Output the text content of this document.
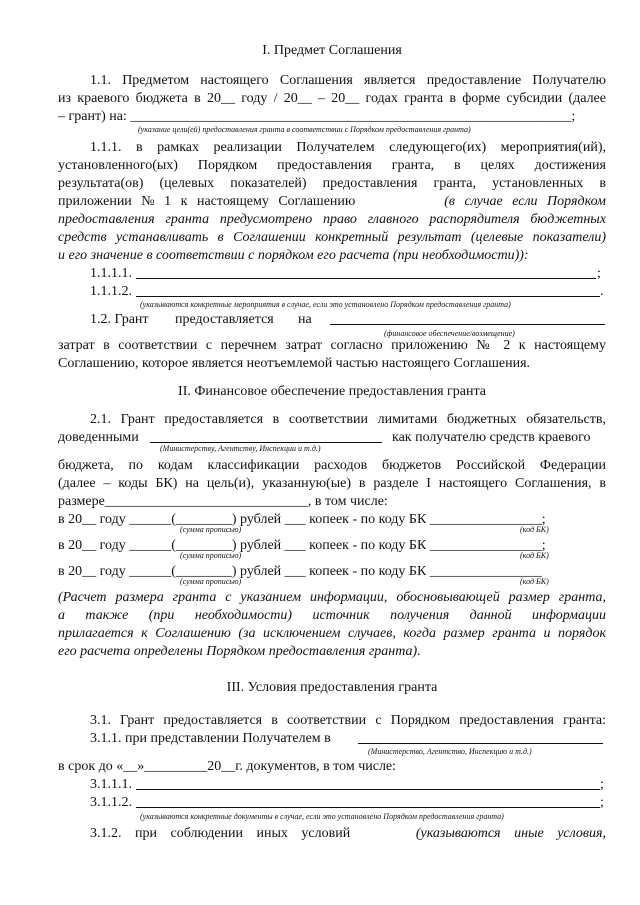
I. Предмет Соглашения
1.1. Предметом настоящего Соглашения является предоставление Получателю
из краевого бюджета в 20__ году / 20__ – 20__ годах гранта в форме субсидии (далее
– грант) на: _______________________________________________________________;
(указание цели(ей) предоставления гранта в соответствии с Порядком предоставления гранта)
1.1.1. в рамках реализации Получателем следующего(их) мероприятия(ий),
установленного(ых) Порядком предоставления гранта, в целях достижения
результата(ов) (целевых показателей) предоставления гранта, установленных в
приложении № 1 к настоящему Соглашению	(в случае если Порядком
предоставления гранта предусмотрено право главного распорядителя бюджетных
средств устанавливать в Соглашении конкретный результат (целевые показатели)
и его значение в соответствии с порядком его расчета (при необходимости)):
1.1.1.1.	;
1.1.1.2.	.
(указываются конкретные мероприятия в случае, если это установлено Порядком предоставления гранта)
1.2. Грант	предоставляется	на
(финансовое обеспечение/возмещение)
затрат в соответствии с перечнем затрат согласно приложению № 2 к настоящему
Соглашению, которое является неотъемлемой частью настоящего Соглашения.
II. Финансовое обеспечение предоставления гранта
2.1. Грант предоставляется в соответствии лимитами бюджетных обязательств,
доведенными	как получателю средств краевого
(Министерству, Агентству, Инспекции и т.д.)
бюджета, по кодам классификации расходов бюджетов Российской Федерации
(далее – коды БК) на цель(и), указанную(ые) в разделе I настоящего Соглашения, в
размере_____________________________, в том числе:
в 20__ году ______(________) рублей ___ копеек - по коду БК ________________;
(сумма прописью)	(код БК)
в 20__ году ______(________) рублей ___ копеек - по коду БК ________________;
(сумма прописью)	(код БК)
в 20__ году ______(________) рублей ___ копеек - по коду БК ________________
(сумма прописью)	(код БК)
(Расчет размера гранта с указанием информации, обосновывающей размер гранта,
а также (при необходимости) источник получения данной информации
прилагается к Соглашению (за исключением случаев, когда размер гранта и порядок
его расчета определены Порядком предоставления гранта).
III. Условия предоставления гранта
3.1. Грант предоставляется в соответствии с Порядком предоставления гранта:
3.1.1. при представлении Получателем в
(Министерство, Агентство, Инспекцию и т.д.)
в срок до «__»_________20__г. документов, в том числе:
3.1.1.1.	;
3.1.1.2.	;
(указываются конкретные документы в случае, если это установлено Порядком предоставления гранта)
3.1.2. при соблюдении иных условий	(указываются иные условия,
